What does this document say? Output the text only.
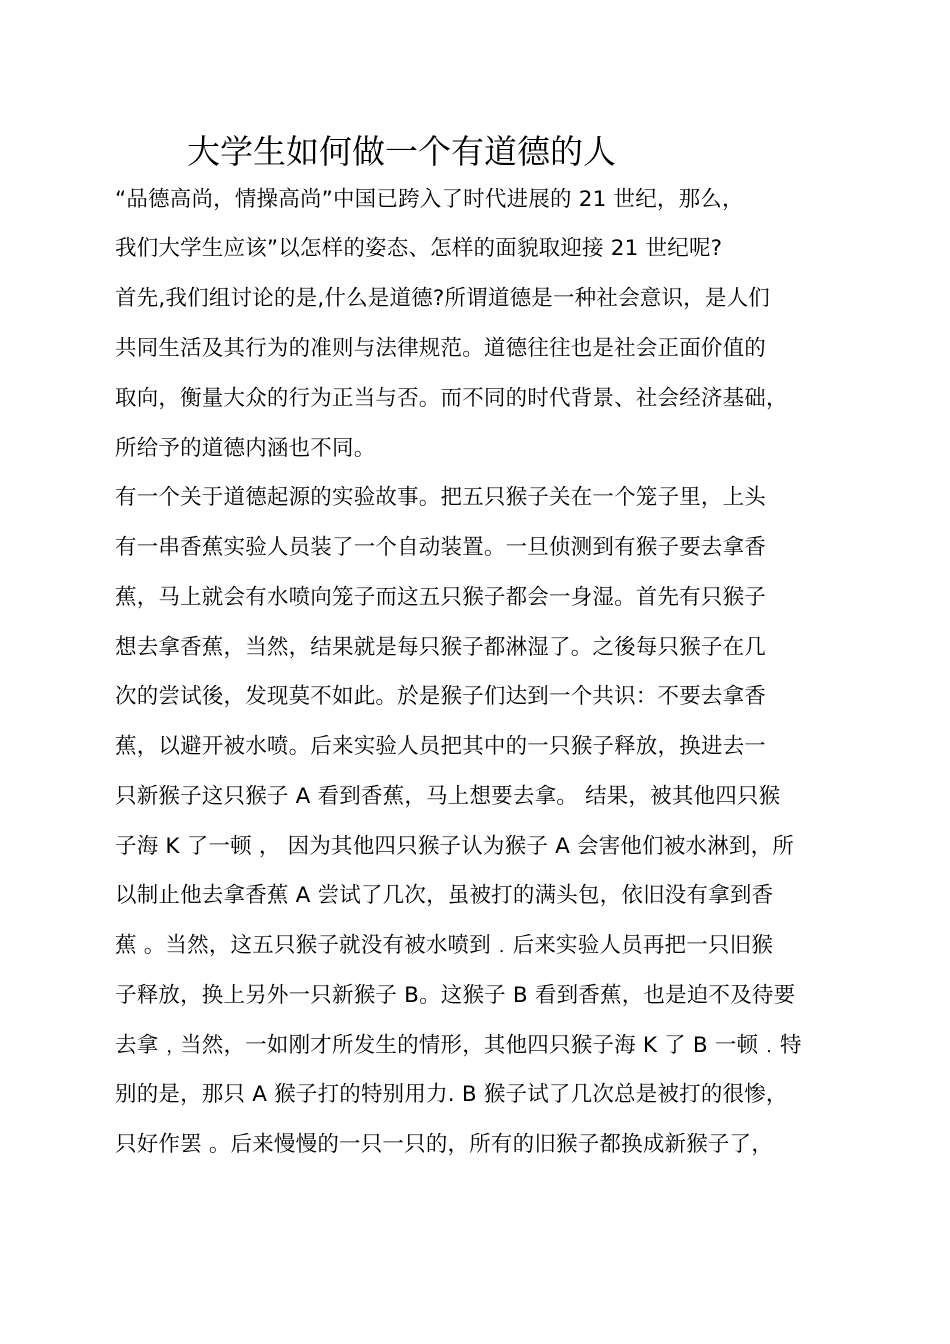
大学生如何做一个有道德的人
“品德高尚，情操高尚”中国已跨入了时代进展的 21 世纪，那么，
我们大学生应该”以怎样的姿态、怎样的面貌取迎接 21 世纪呢?
首先,我们组讨论的是,什么是道德?所谓道德是一种社会意识，是人们
共同生活及其行为的准则与法律规范。道德往往也是社会正面价值的
取向，衡量大众的行为正当与否。而不同的时代背景、社会经济基础，
所给予的道德内涵也不同。
有一个关于道德起源的实验故事。把五只猴子关在一个笼子里，上头
有一串香蕉实验人员装了一个自动装置。一旦侦测到有猴子要去拿香
蕉，马上就会有水喷向笼子而这五只猴子都会一身湿。首先有只猴子
想去拿香蕉，当然，结果就是每只猴子都淋湿了。之後每只猴子在几
次的尝试後，发现莫不如此。於是猴子们达到一个共识：不要去拿香
蕉，以避开被水喷。后来实验人员把其中的一只猴子释放，换进去一
只新猴子这只猴子 A 看到香蕉，马上想要去拿。 结果，被其他四只猴
子海 K 了一顿 ， 因为其他四只猴子认为猴子 A 会害他们被水淋到，所
以制止他去拿香蕉 A 尝试了几次，虽被打的满头包，依旧没有拿到香
蕉 。当然，这五只猴子就没有被水喷到﹒后来实验人员再把一只旧猴
子释放，换上另外一只新猴子 B。这猴子 B 看到香蕉，也是迫不及待要
去拿﹐当然，一如刚才所发生的情形，其他四只猴子海 K 了 B 一顿﹒特
别的是，那只 A 猴子打的特别用力. B 猴子试了几次总是被打的很惨，
只好作罢 。后来慢慢的一只一只的，所有的旧猴子都换成新猴子了，
